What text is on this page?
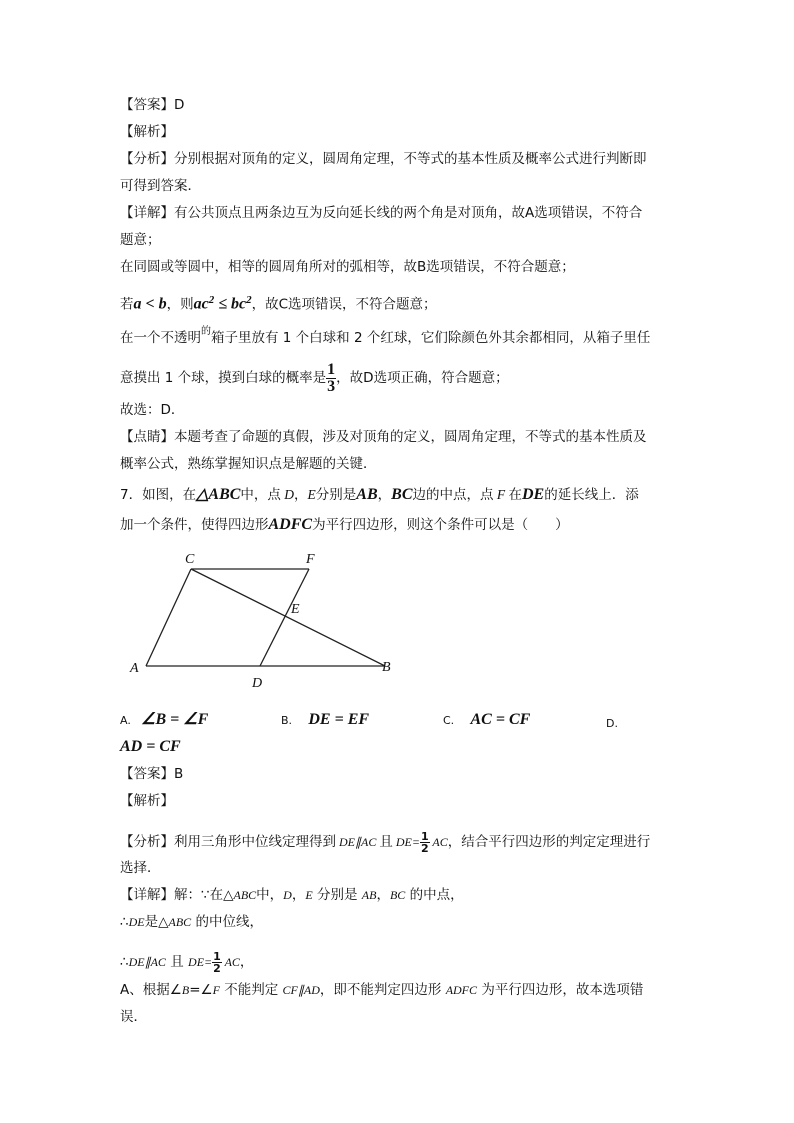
【答案】D
【解析】
【分析】分别根据对顶角的定义，圆周角定理，不等式的基本性质及概率公式进行判断即
可得到答案．
【详解】有公共顶点且两条边互为反向延长线的两个角是对顶角，故A选项错误，不符合
题意；
在同圆或等圆中，相等的圆周角所对的弧相等，故B选项错误，不符合题意；
若a < b，则$ac^2 \le bc^2$，故C选项错误，不符合题意；
在一个不透明$^的$箱子里放有 1 个白球和 2 个红球，它们除颜色外其余都相同，从箱子里任
意摸出 1 个球，摸到白球的概率是 $\frac{1}{3}$ ，故D选项正确，符合题意；
故选：D．
【点睛】本题考查了命题的真假，涉及对顶角的定义，圆周角定理，不等式的基本性质及
概率公式，熟练掌握知识点是解题的关键．
7．如图，在△ABC中，点 D，E分别是AB，BC边的中点，点 F 在DE的延长线上．添
加一个条件，使得四边形ADFC为平行四边形，则这个条件可以是（　　）
C	F
E
A
D
B
A. ∠B = ∠F	B. DE = EF	C. AC = CF	D.
AD = CF
【答案】B
【解析】
【分析】利用三角形中位线定理得到 DE∥AC 且 $DE= \frac{1}{2}$ AC，结合平行四边形的判定定理进行
选择．
【详解】解：∵在△ABC中，D，E 分别是 AB，BC 的中点，
∴DE是△ABC 的中位线，
∴DE∥AC 且 $DE= \frac{1}{2}$ AC，
A、根据∠B=∠F 不能判定 CF∥AD，即不能判定四边形 ADFC 为平行四边形，故本选项错
误．
